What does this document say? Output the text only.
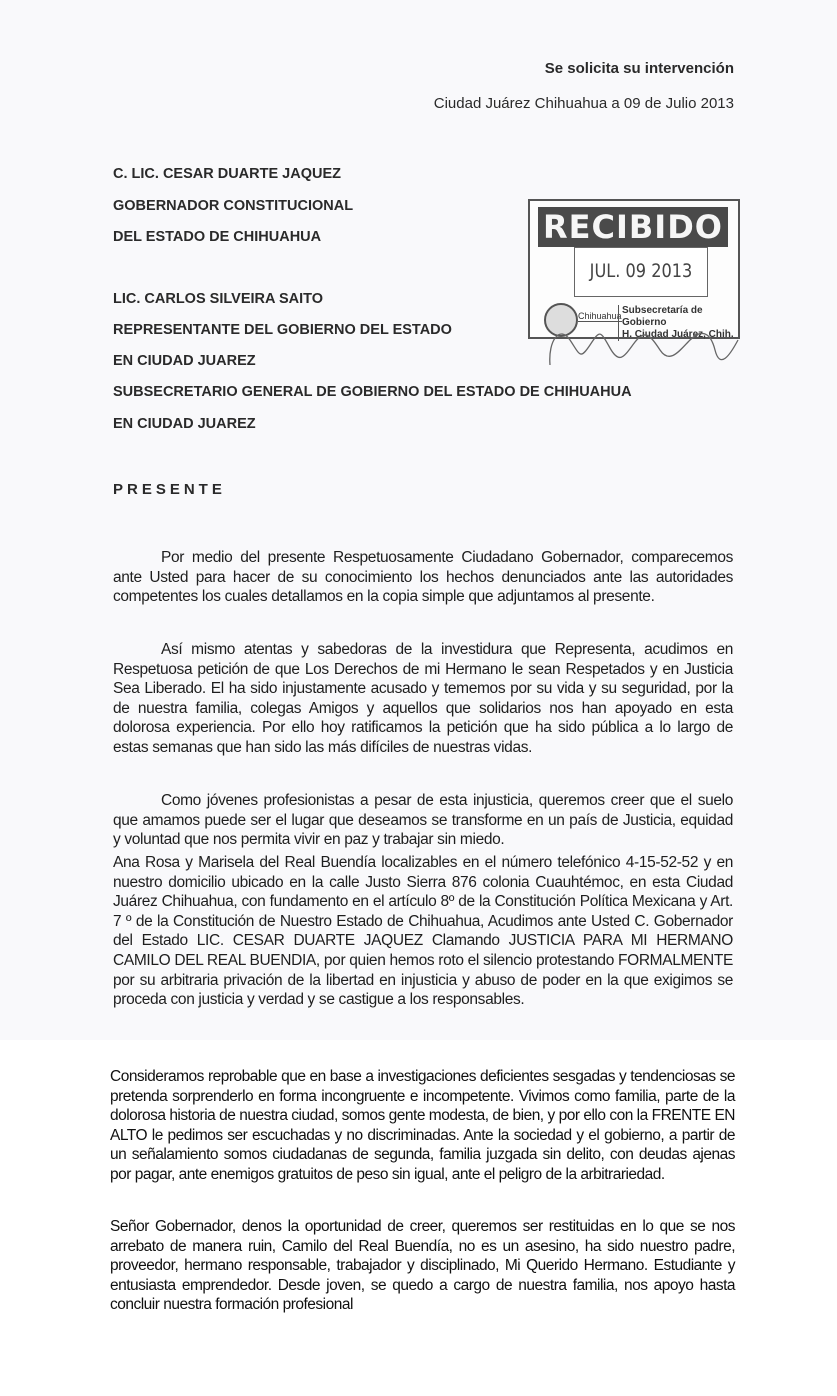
Se solicita su intervención
Ciudad Juárez Chihuahua a 09 de Julio 2013
C. LIC. CESAR DUARTE JAQUEZ
GOBERNADOR CONSTITUCIONAL
DEL ESTADO DE CHIHUAHUA
LIC. CARLOS SILVEIRA SAITO
REPRESENTANTE DEL GOBIERNO DEL ESTADO
EN CIUDAD JUAREZ
SUBSECRETARIO GENERAL DE GOBIERNO DEL ESTADO DE CHIHUAHUA
EN CIUDAD JUAREZ
RECIBIDO
JUL. 09 2013
Chihuahua Subsecretaría de Gobierno
H. Ciudad Juárez, Chih.
PRESENTE
Por medio del presente Respetuosamente Ciudadano Gobernador, comparecemos ante Usted para hacer de su conocimiento los hechos denunciados ante las autoridades competentes los cuales detallamos en la copia simple que adjuntamos al presente.
Así mismo atentas y sabedoras de la investidura que Representa, acudimos en Respetuosa petición de que Los Derechos de mi Hermano le sean Respetados y en Justicia Sea Liberado. El ha sido injustamente acusado y tememos por su vida y su seguridad, por la de nuestra familia, colegas Amigos y aquellos que solidarios nos han apoyado en esta dolorosa experiencia. Por ello hoy ratificamos la petición que ha sido pública a lo largo de estas semanas que han sido las más difíciles de nuestras vidas.
Como jóvenes profesionistas a pesar de esta injusticia, queremos creer que el suelo que amamos puede ser el lugar que deseamos se transforme en un país de Justicia, equidad y voluntad que nos permita vivir en paz y trabajar sin miedo.
Ana Rosa y Marisela del Real Buendía localizables en el número telefónico 4-15-52-52 y en nuestro domicilio ubicado en la calle Justo Sierra 876 colonia Cuauhtémoc, en esta Ciudad Juárez Chihuahua, con fundamento en el artículo 8º de la Constitución Política Mexicana y Art. 7 º de la Constitución de Nuestro Estado de Chihuahua, Acudimos ante Usted C. Gobernador del Estado LIC. CESAR DUARTE JAQUEZ Clamando JUSTICIA PARA MI HERMANO CAMILO DEL REAL BUENDIA, por quien hemos roto el silencio protestando FORMALMENTE por su arbitraria privación de la libertad en injusticia y abuso de poder en la que exigimos se proceda con justicia y verdad y se castigue a los responsables.
Consideramos reprobable que en base a investigaciones deficientes sesgadas y tendenciosas se pretenda sorprenderlo en forma incongruente e incompetente. Vivimos como familia, parte de la dolorosa historia de nuestra ciudad, somos gente modesta, de bien, y por ello con la FRENTE EN ALTO le pedimos ser escuchadas y no discriminadas. Ante la sociedad y el gobierno, a partir de un señalamiento somos ciudadanas de segunda, familia juzgada sin delito, con deudas ajenas por pagar, ante enemigos gratuitos de peso sin igual, ante el peligro de la arbitrariedad.
Señor Gobernador, denos la oportunidad de creer, queremos ser restituidas en lo que se nos arrebato de manera ruin, Camilo del Real Buendía, no es un asesino, ha sido nuestro padre, proveedor, hermano responsable, trabajador y disciplinado, Mi Querido Hermano. Estudiante y entusiasta emprendedor. Desde joven, se quedo a cargo de nuestra familia, nos apoyo hasta concluir nuestra formación profesional
